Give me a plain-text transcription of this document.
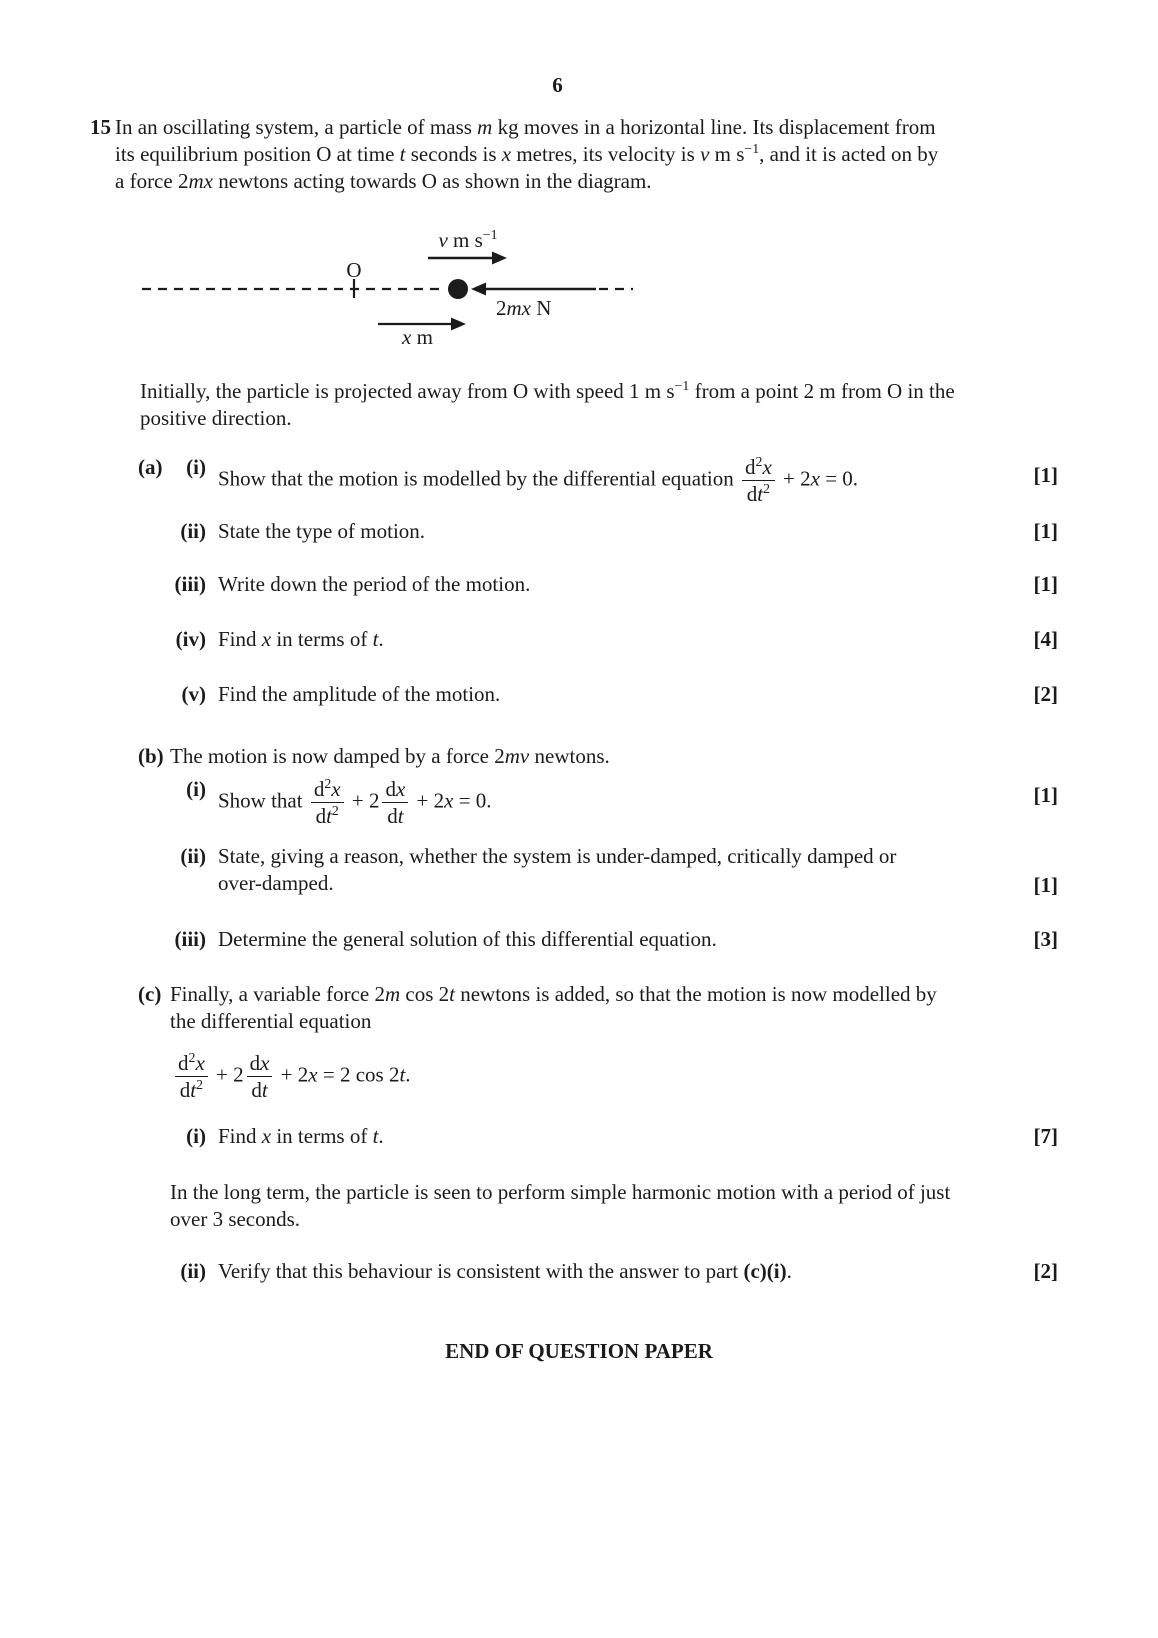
6
15 In an oscillating system, a particle of mass m kg moves in a horizontal line. Its displacement from
its equilibrium position O at time t seconds is x metres, its velocity is v m $s^{-1}$, and it is acted on by
a force 2mx newtons acting towards O as shown in the diagram.
O
v m $s^{-1}$
2mx N
x m
Initially, the particle is projected away from O with speed 1 m $s^{-1}$ from a point 2 m from O in the
positive direction.
(a)	(i) Show that the motion is modelled by the differential equation $\frac{d^2x}{dt^2} + 2x = 0$.	[1]
(ii) State the type of motion.	[1]
(iii) Write down the period of the motion.	[1]
(iv) Find x in terms of t.	[4]
(v) Find the amplitude of the motion.	[2]
(b) The motion is now damped by a force 2mv newtons.
(i) Show that $\frac{d^2x}{dt^2} + 2 \frac{dx}{dt} + 2x = 0$.	[1]
(ii) State, giving a reason, whether the system is under-damped, critically damped or
over-damped.	[1]
(iii) Determine the general solution of this differential equation.	[3]
(c) Finally, a variable force 2m cos 2t newtons is added, so that the motion is now modelled by
the differential equation
$\frac{d^2x}{dt^2} + 2 \frac{dx}{dt} + 2x = 2$ cos 2t.
(i) Find x in terms of t.	[7]
In the long term, the particle is seen to perform simple harmonic motion with a period of just
over 3 seconds.
(ii) Verify that this behaviour is consistent with the answer to part (c)(i).	[2]
END OF QUESTION PAPER
